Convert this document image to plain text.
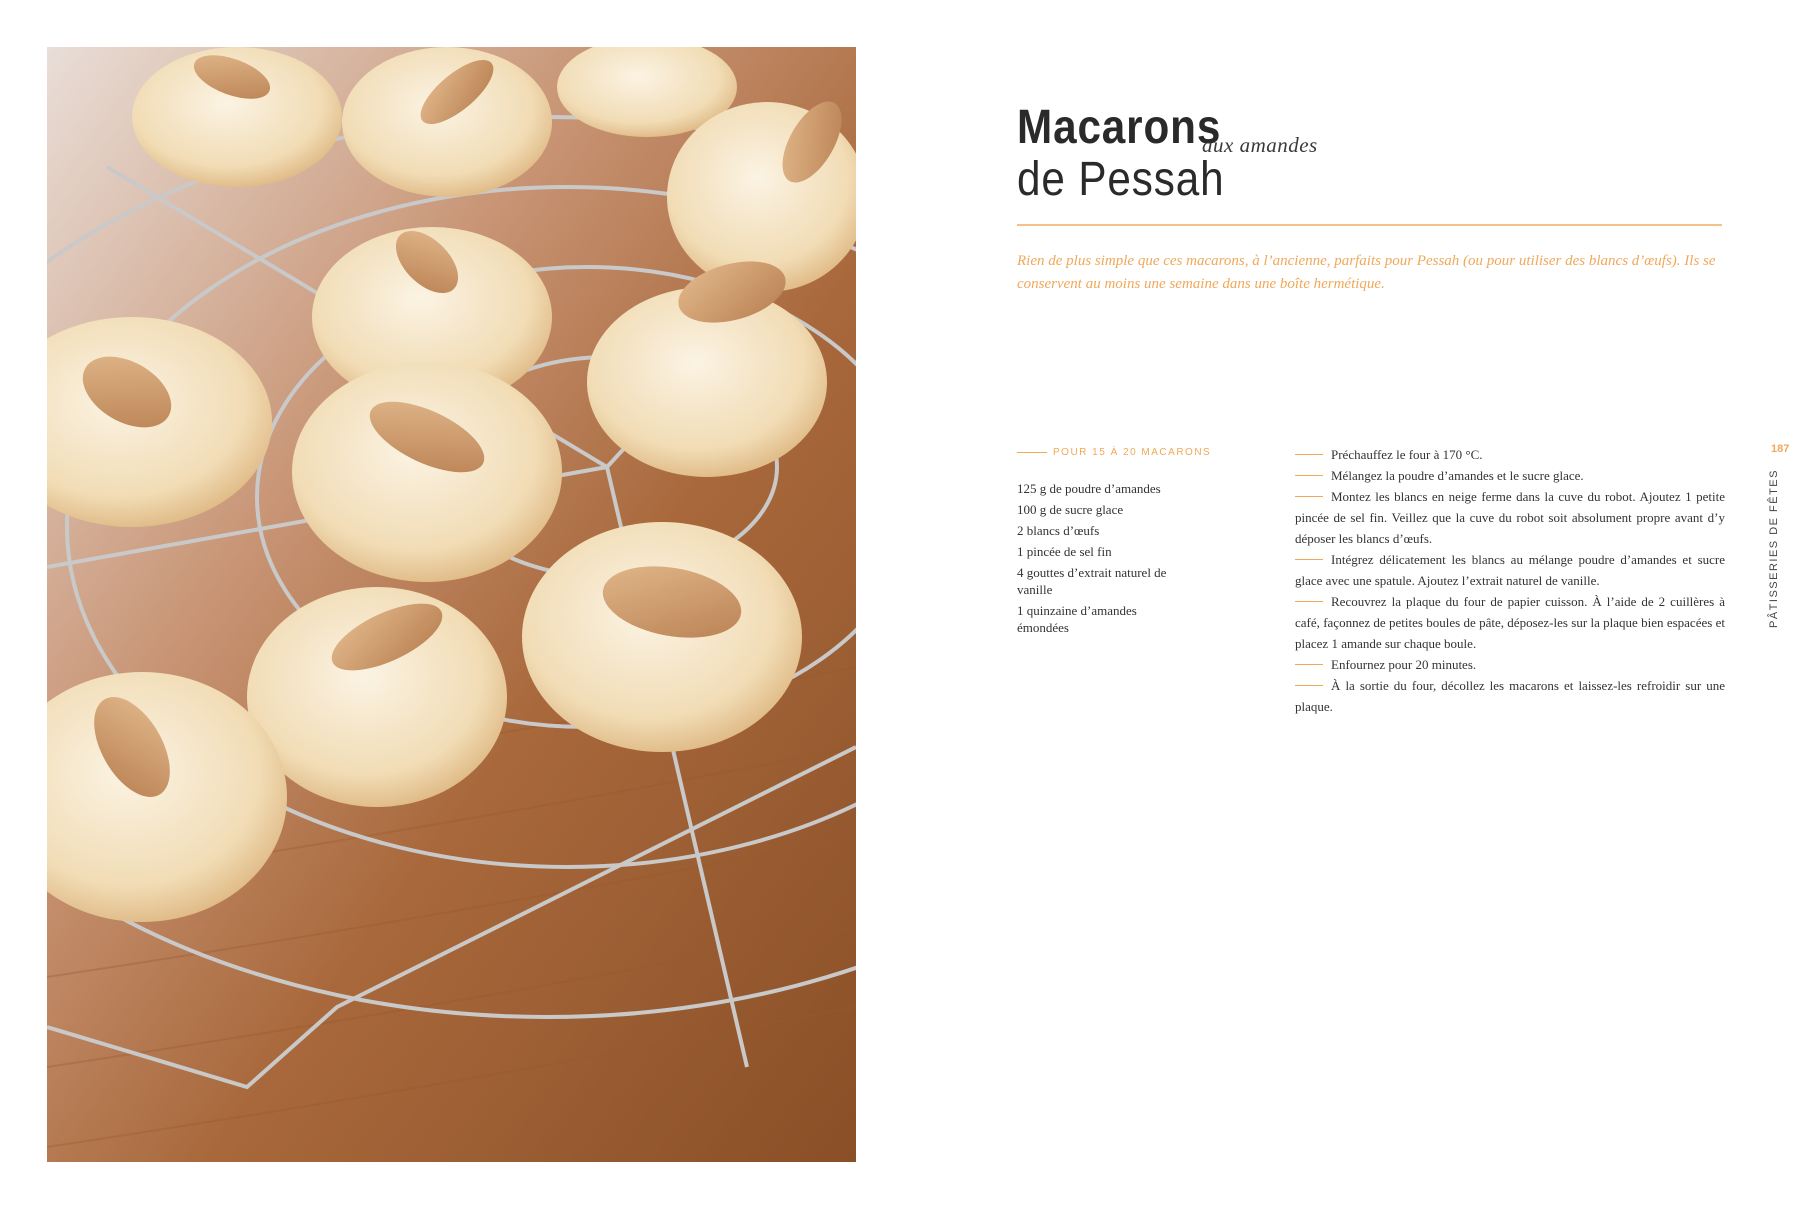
Macarons
aux amandes
de Pessah

Rien de plus simple que ces macarons, à l’ancienne, parfaits pour Pessah (ou pour utiliser des blancs d’œufs). Ils se conservent au moins une semaine dans une boîte hermétique.

POUR 15 À 20 MACARONS
125 g de poudre d’amandes
100 g de sucre glace
2 blancs d’œufs
1 pincée de sel fin
4 gouttes d’extrait naturel de vanille
1 quinzaine d’amandes émondées
Préchauffez le four à 170 °C.
Mélangez la poudre d’amandes et le sucre glace.
Montez les blancs en neige ferme dans la cuve du robot. Ajoutez 1 petite pincée de sel fin. Veillez que la cuve du robot soit absolument propre avant d’y déposer les blancs d’œufs.
Intégrez délicatement les blancs au mélange poudre d’amandes et sucre glace avec une spatule. Ajoutez l’extrait naturel de vanille.
Recouvrez la plaque du four de papier cuisson. À l’aide de 2 cuillères à café, façonnez de petites boules de pâte, déposez-les sur la plaque bien espacées et placez 1 amande sur chaque boule.
Enfournez pour 20 minutes.
À la sortie du four, décollez les macarons et laissez-les refroidir sur une plaque.
187
PÂTISSERIES DE FÊTES
